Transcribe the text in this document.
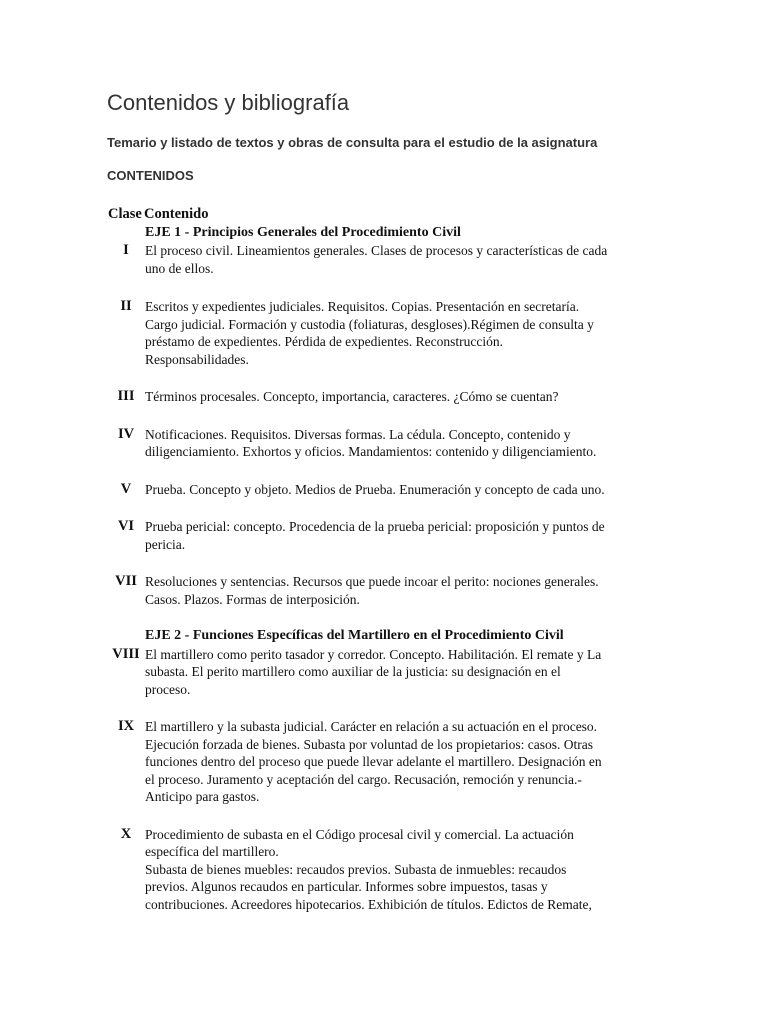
Contenidos y bibliografía
Temario y listado de textos y obras de consulta para el estudio de la asignatura
CONTENIDOS
Clase Contenido
EJE 1 - Principios Generales del Procedimiento Civil
I	El proceso civil. Lineamientos generales. Clases de procesos y características de cada
uno de ellos.
II Escritos y expedientes judiciales. Requisitos. Copias. Presentación en secretaría.
Cargo judicial. Formación y custodia (foliaturas, desgloses).Régimen de consulta y
préstamo de expedientes. Pérdida de expedientes. Reconstrucción.
Responsabilidades.
III Términos procesales. Concepto, importancia, caracteres. ¿Cómo se cuentan?
IV Notificaciones. Requisitos. Diversas formas. La cédula. Concepto, contenido y
diligenciamiento. Exhortos y oficios. Mandamientos: contenido y diligenciamiento.
V	Prueba. Concepto y objeto. Medios de Prueba. Enumeración y concepto de cada uno.
VI Prueba pericial: concepto. Procedencia de la prueba pericial: proposición y puntos de
pericia.
VII Resoluciones y sentencias. Recursos que puede incoar el perito: nociones generales.
Casos. Plazos. Formas de interposición.
EJE 2 - Funciones Específicas del Martillero en el Procedimiento Civil
VIII El martillero como perito tasador y corredor. Concepto. Habilitación. El remate y La
subasta. El perito martillero como auxiliar de la justicia: su designación en el
proceso.
IX El martillero y la subasta judicial. Carácter en relación a su actuación en el proceso.
Ejecución forzada de bienes. Subasta por voluntad de los propietarios: casos. Otras
funciones dentro del proceso que puede llevar adelante el martillero. Designación en
el proceso. Juramento y aceptación del cargo. Recusación, remoción y renuncia.-
Anticipo para gastos.
X	Procedimiento de subasta en el Código procesal civil y comercial. La actuación
específica del martillero.
Subasta de bienes muebles: recaudos previos. Subasta de inmuebles: recaudos
previos. Algunos recaudos en particular. Informes sobre impuestos, tasas y
contribuciones. Acreedores hipotecarios. Exhibición de títulos. Edictos de Remate,
